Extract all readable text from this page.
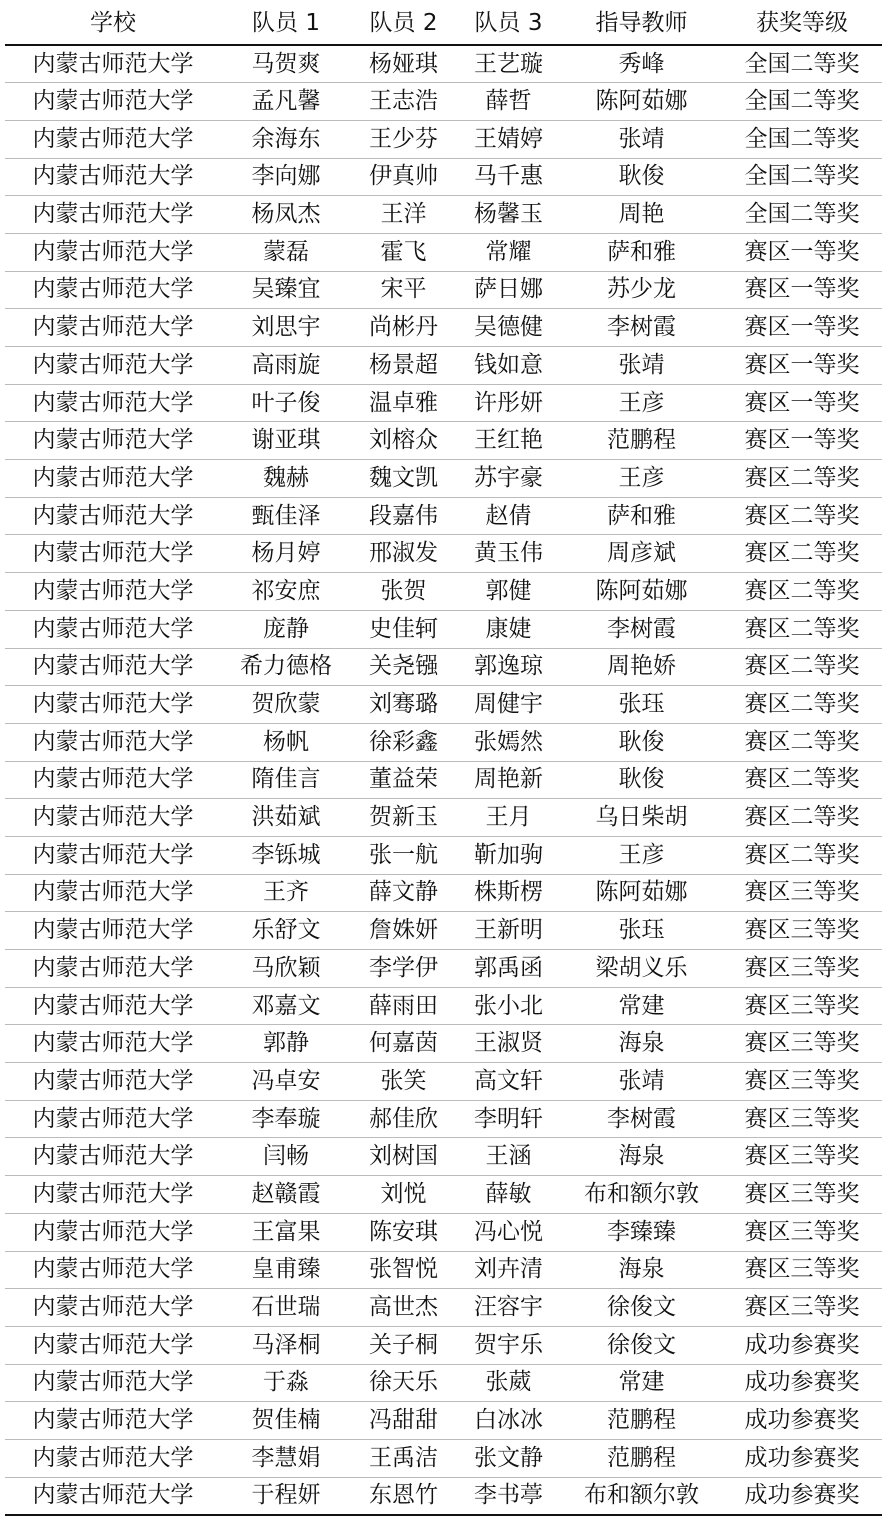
学校	队员 1	队员 2	队员 3	指导教师	获奖等级
内蒙古师范大学	马贺爽	杨娅琪	王艺璇	秀峰	全国二等奖
内蒙古师范大学	孟凡馨	王志浩	薛哲	陈阿茹娜	全国二等奖
内蒙古师范大学	余海东	王少芬	王婧婷	张靖	全国二等奖
内蒙古师范大学	李向娜	伊真帅	马千惠	耿俊	全国二等奖
内蒙古师范大学	杨凤杰	王洋	杨馨玉	周艳	全国二等奖
内蒙古师范大学	蒙磊	霍飞	常耀	萨和雅	赛区一等奖
内蒙古师范大学	吴臻宜	宋平	萨日娜	苏少龙	赛区一等奖
内蒙古师范大学	刘思宇	尚彬丹	吴德健	李树霞	赛区一等奖
内蒙古师范大学	高雨旋	杨景超	钱如意	张靖	赛区一等奖
内蒙古师范大学	叶子俊	温卓雅	许彤妍	王彦	赛区一等奖
内蒙古师范大学	谢亚琪	刘榕众	王红艳	范鹏程	赛区一等奖
内蒙古师范大学	魏赫	魏文凯	苏宇豪	王彦	赛区二等奖
内蒙古师范大学	甄佳泽	段嘉伟	赵倩	萨和雅	赛区二等奖
内蒙古师范大学	杨月婷	邢淑发	黄玉伟	周彦斌	赛区二等奖
内蒙古师范大学	祁安庶	张贺	郭健	陈阿茹娜	赛区二等奖
内蒙古师范大学	庞静	史佳轲	康婕	李树霞	赛区二等奖
内蒙古师范大学	希力德格	关尧镪	郭逸琼	周艳娇	赛区二等奖
内蒙古师范大学	贺欣蒙	刘骞璐	周健宇	张珏	赛区二等奖
内蒙古师范大学	杨帆	徐彩鑫	张嫣然	耿俊	赛区二等奖
内蒙古师范大学	隋佳言	董益荣	周艳新	耿俊	赛区二等奖
内蒙古师范大学	洪茹斌	贺新玉	王月	乌日柴胡	赛区二等奖
内蒙古师范大学	李铄城	张一航	靳加驹	王彦	赛区二等奖
内蒙古师范大学	王齐	薛文静	株斯楞	陈阿茹娜	赛区三等奖
内蒙古师范大学	乐舒文	詹姝妍	王新明	张珏	赛区三等奖
内蒙古师范大学	马欣颖	李学伊	郭禹函	梁胡义乐	赛区三等奖
内蒙古师范大学	邓嘉文	薛雨田	张小北	常建	赛区三等奖
内蒙古师范大学	郭静	何嘉茵	王淑贤	海泉	赛区三等奖
内蒙古师范大学	冯卓安	张笑	高文轩	张靖	赛区三等奖
内蒙古师范大学	李奉璇	郝佳欣	李明轩	李树霞	赛区三等奖
内蒙古师范大学	闫畅	刘树国	王涵	海泉	赛区三等奖
内蒙古师范大学	赵赣霞	刘悦	薛敏	布和额尔敦	赛区三等奖
内蒙古师范大学	王富果	陈安琪	冯心悦	李臻臻	赛区三等奖
内蒙古师范大学	皇甫臻	张智悦	刘卉清	海泉	赛区三等奖
内蒙古师范大学	石世瑞	高世杰	汪容宇	徐俊文	赛区三等奖
内蒙古师范大学	马泽桐	关子桐	贺宇乐	徐俊文	成功参赛奖
内蒙古师范大学	于淼	徐天乐	张葳	常建	成功参赛奖
内蒙古师范大学	贺佳楠	冯甜甜	白冰冰	范鹏程	成功参赛奖
内蒙古师范大学	李慧娟	王禹洁	张文静	范鹏程	成功参赛奖
内蒙古师范大学	于程妍	东恩竹	李书葶	布和额尔敦	成功参赛奖
